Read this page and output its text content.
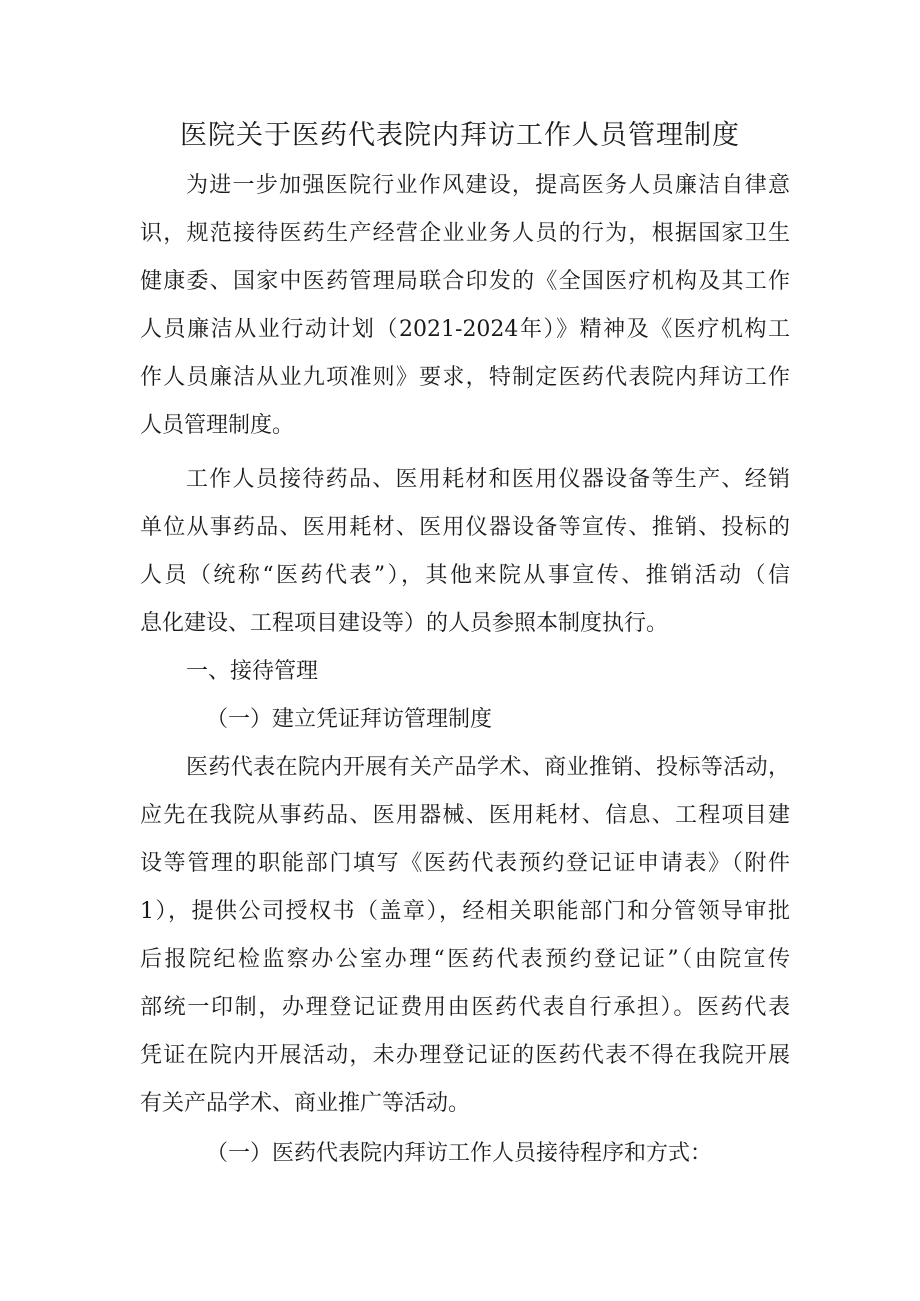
医院关于医药代表院内拜访工作人员管理制度
为进一步加强医院行业作风建设，提高医务人员廉洁自律意
识，规范接待医药生产经营企业业务人员的行为，根据国家卫生
健康委、国家中医药管理局联合印发的《全国医疗机构及其工作
人员廉洁从业行动计划（2021-2024年）》精神及《医疗机构工
作人员廉洁从业九项准则》要求，特制定医药代表院内拜访工作
人员管理制度。
工作人员接待药品、医用耗材和医用仪器设备等生产、经销
单位从事药品、医用耗材、医用仪器设备等宣传、推销、投标的
人员（统称“医药代表”），其他来院从事宣传、推销活动（信
息化建设、工程项目建设等）的人员参照本制度执行。
一、接待管理
（一）建立凭证拜访管理制度
医药代表在院内开展有关产品学术、商业推销、投标等活动，
应先在我院从事药品、医用器械、医用耗材、信息、工程项目建
设等管理的职能部门填写《医药代表预约登记证申请表》（附件
1），提供公司授权书（盖章），经相关职能部门和分管领导审批
后报院纪检监察办公室办理“医药代表预约登记证”（由院宣传
部统一印制，办理登记证费用由医药代表自行承担）。医药代表
凭证在院内开展活动，未办理登记证的医药代表不得在我院开展
有关产品学术、商业推广等活动。
（一）医药代表院内拜访工作人员接待程序和方式：
